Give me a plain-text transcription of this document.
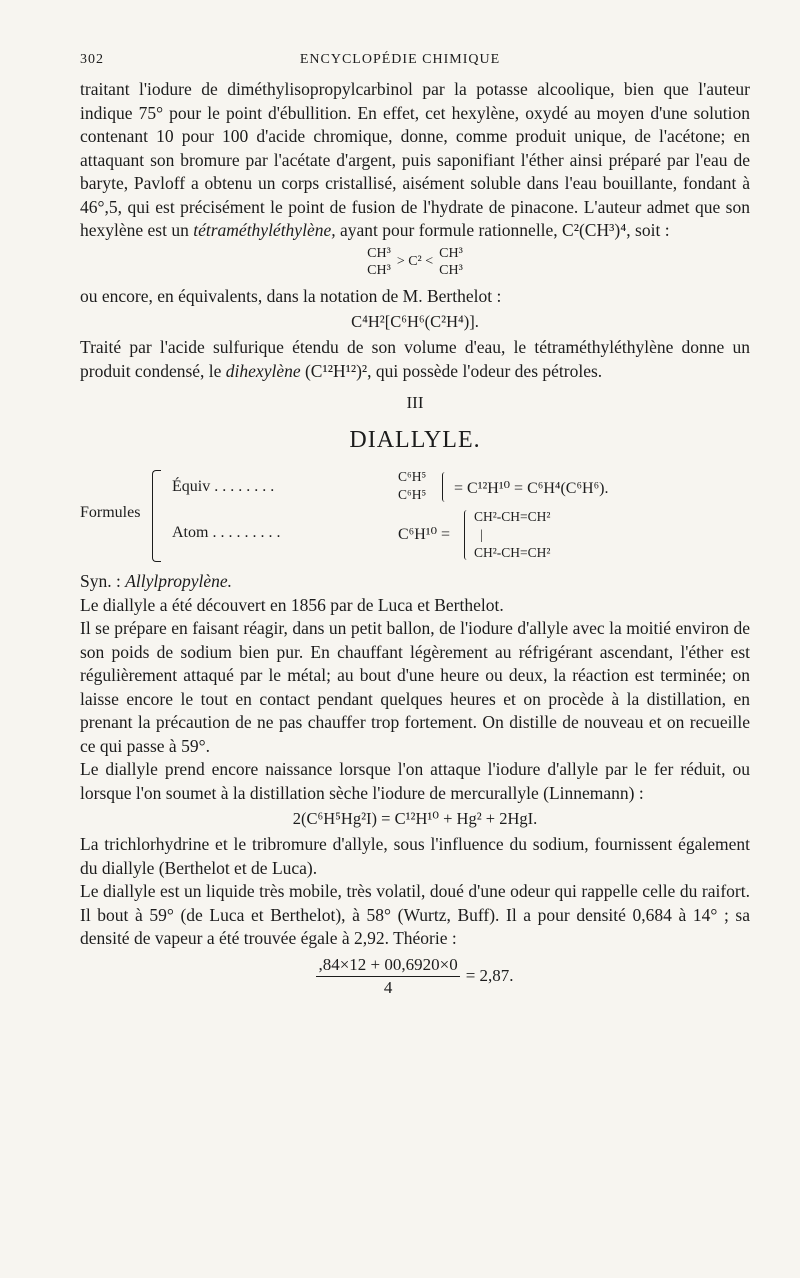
302	ENCYCLOPÉDIE CHIMIQUE

traitant l'iodure de diméthylisopropylcarbinol par la potasse alcoolique, bien que l'auteur indique 75° pour le point d'ébullition. En effet, cet hexylène, oxydé au moyen d'une solution contenant 10 pour 100 d'acide chromique, donne, comme produit unique, de l'acétone; en attaquant son bromure par l'acétate d'argent, puis saponifiant l'éther ainsi préparé par l'eau de baryte, Pavloff a obtenu un corps cristallisé, aisément soluble dans l'eau bouillante, fondant à 46°,5, qui est précisément le point de fusion de l'hydrate de pinacone. L'auteur admet que son hexylène est un tétraméthyléthylène, ayant pour formule rationnelle, C²(CH³)⁴, soit :

CH³
CH³
> C² <
CH³
CH³

ou encore, en équivalents, dans la notation de M. Berthelot :

C⁴H²[C⁶H⁶(C²H⁴)].

Traité par l'acide sulfurique étendu de son volume d'eau, le tétraméthyléthylène donne un produit condensé, le dihexylène (C¹²H¹²)², qui possède l'odeur des pétroles.

III
DIALLYLE.
Formules
Équiv . . . . . . . .
C⁶H⁵
C⁶H⁵ = C¹²H¹⁰ = C⁶H⁴(C⁶H⁶).
Atom . . . . . . . . .	C⁶H¹⁰ =
CH²-CH=CH²
|
CH²-CH=CH²

Syn. : Allylpropylène.

Le diallyle a été découvert en 1856 par de Luca et Berthelot.

Il se prépare en faisant réagir, dans un petit ballon, de l'iodure d'allyle avec la moitié environ de son poids de sodium bien pur. En chauffant légèrement au réfrigérant ascendant, l'éther est régulièrement attaqué par le métal; au bout d'une heure ou deux, la réaction est terminée; on laisse encore le tout en contact pendant quelques heures et on procède à la distillation, en prenant la précaution de ne pas chauffer trop fortement. On distille de nouveau et on recueille ce qui passe à 59°.

Le diallyle prend encore naissance lorsque l'on attaque l'iodure d'allyle par le fer réduit, ou lorsque l'on soumet à la distillation sèche l'iodure de mercurallyle (Linnemann) :

2(C⁶H⁵Hg²I) = C¹²H¹⁰ + Hg² + 2HgI.

La trichlorhydrine et le tribromure d'allyle, sous l'influence du sodium, fournissent également du diallyle (Berthelot et de Luca).

Le diallyle est un liquide très mobile, très volatil, doué d'une odeur qui rappelle celle du raifort. Il bout à 59° (de Luca et Berthelot), à 58° (Wurtz, Buff). Il a pour densité 0,684 à 14° ; sa densité de vapeur a été trouvée égale à 2,92. Théorie :

$\frac{,84\times 12 + 00,6920\times 0}{4} = 2,87$.
